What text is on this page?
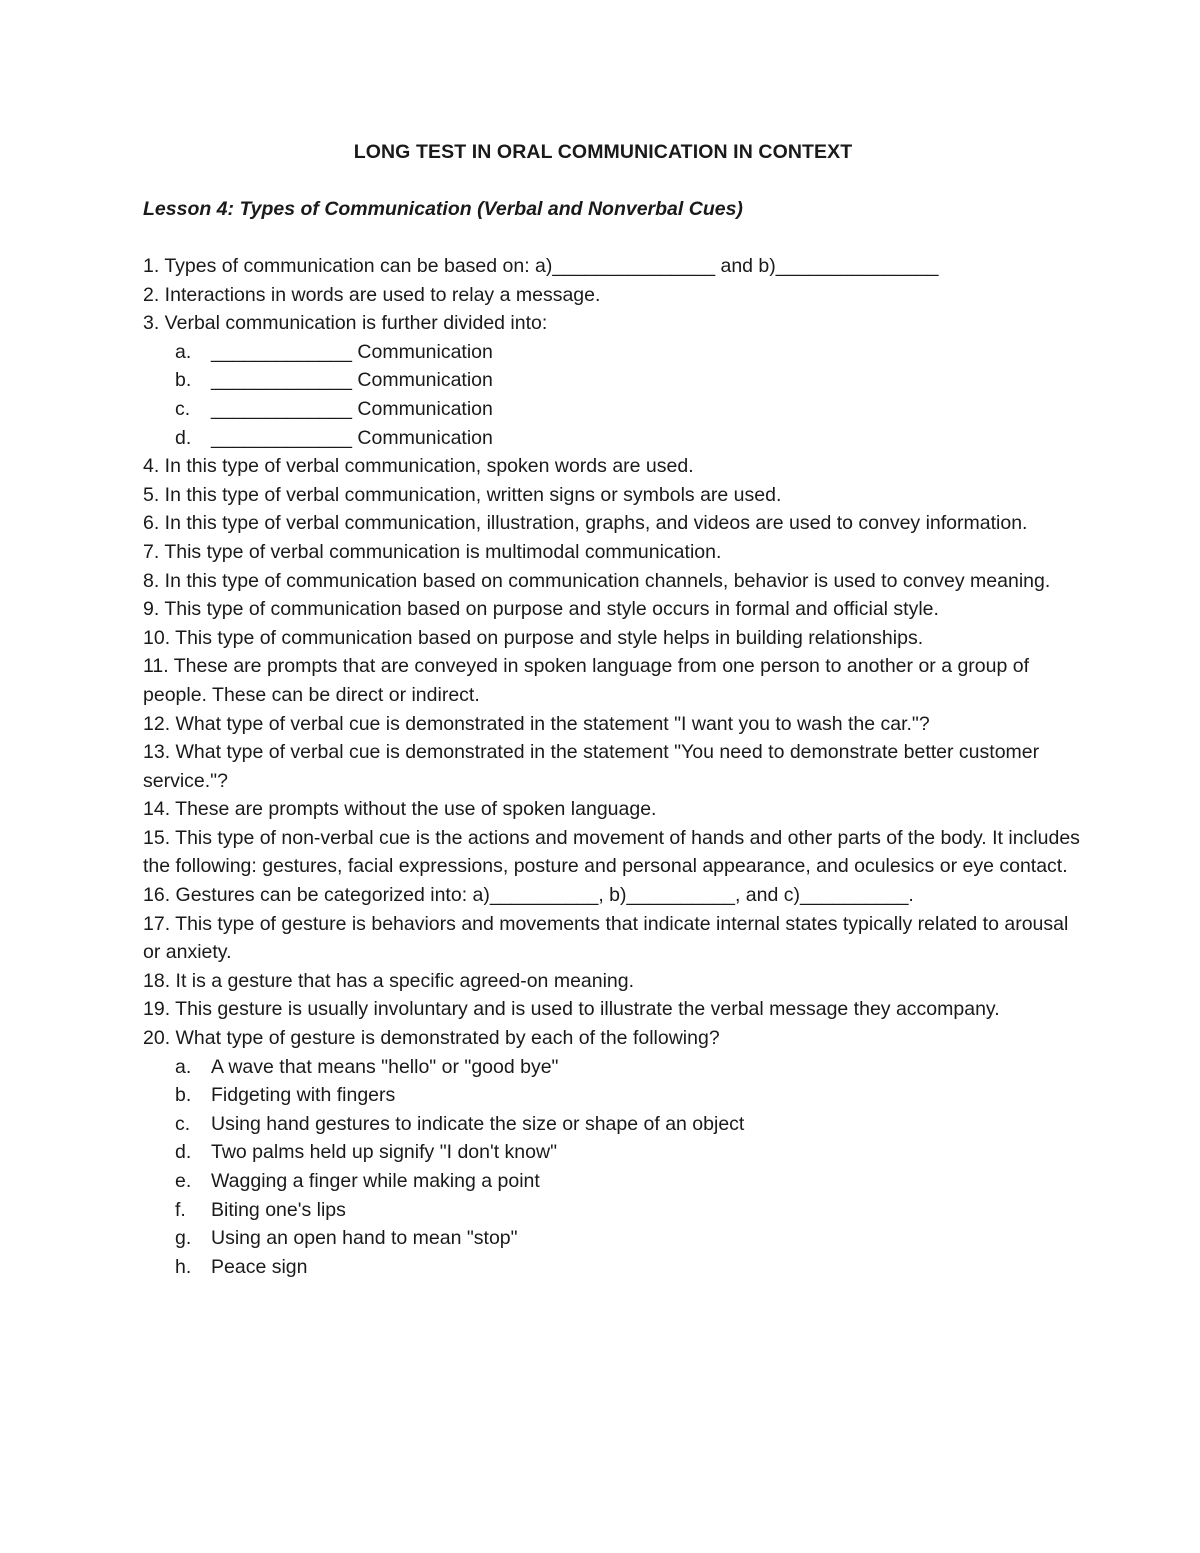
LONG TEST IN ORAL COMMUNICATION IN CONTEXT
Lesson 4: Types of Communication (Verbal and Nonverbal Cues)

1. Types of communication can be based on: a)_______________ and b)_______________

2. Interactions in words are used to relay a message.

3. Verbal communication is further divided into:

a.	_____________ Communication
b.	_____________ Communication
c.	_____________ Communication
d.	_____________ Communication

4. In this type of verbal communication, spoken words are used.

5. In this type of verbal communication, written signs or symbols are used.

6. In this type of verbal communication, illustration, graphs, and videos are used to convey information.

7. This type of verbal communication is multimodal communication.

8. In this type of communication based on communication channels, behavior is used to convey meaning.

9. This type of communication based on purpose and style occurs in formal and official style.

10. This type of communication based on purpose and style helps in building relationships.

11. These are prompts that are conveyed in spoken language from one person to another or a group of people. These can be direct or indirect.

12. What type of verbal cue is demonstrated in the statement "I want you to wash the car."?

13. What type of verbal cue is demonstrated in the statement "You need to demonstrate better customer service."?

14. These are prompts without the use of spoken language.

15. This type of non-verbal cue is the actions and movement of hands and other parts of the body. It includes the following: gestures, facial expressions, posture and personal appearance, and oculesics or eye contact.

16. Gestures can be categorized into: a)__________, b)__________, and c)__________.

17. This type of gesture is behaviors and movements that indicate internal states typically related to arousal or anxiety.

18. It is a gesture that has a specific agreed-on meaning.

19. This gesture is usually involuntary and is used to illustrate the verbal message they accompany.

20. What type of gesture is demonstrated by each of the following?

a.	A wave that means "hello" or "good bye"
b.	Fidgeting with fingers
c.	Using hand gestures to indicate the size or shape of an object
d.	Two palms held up signify "I don't know"
e.	Wagging a finger while making a point
f.	Biting one's lips
g.	Using an open hand to mean "stop"
h.	Peace sign
